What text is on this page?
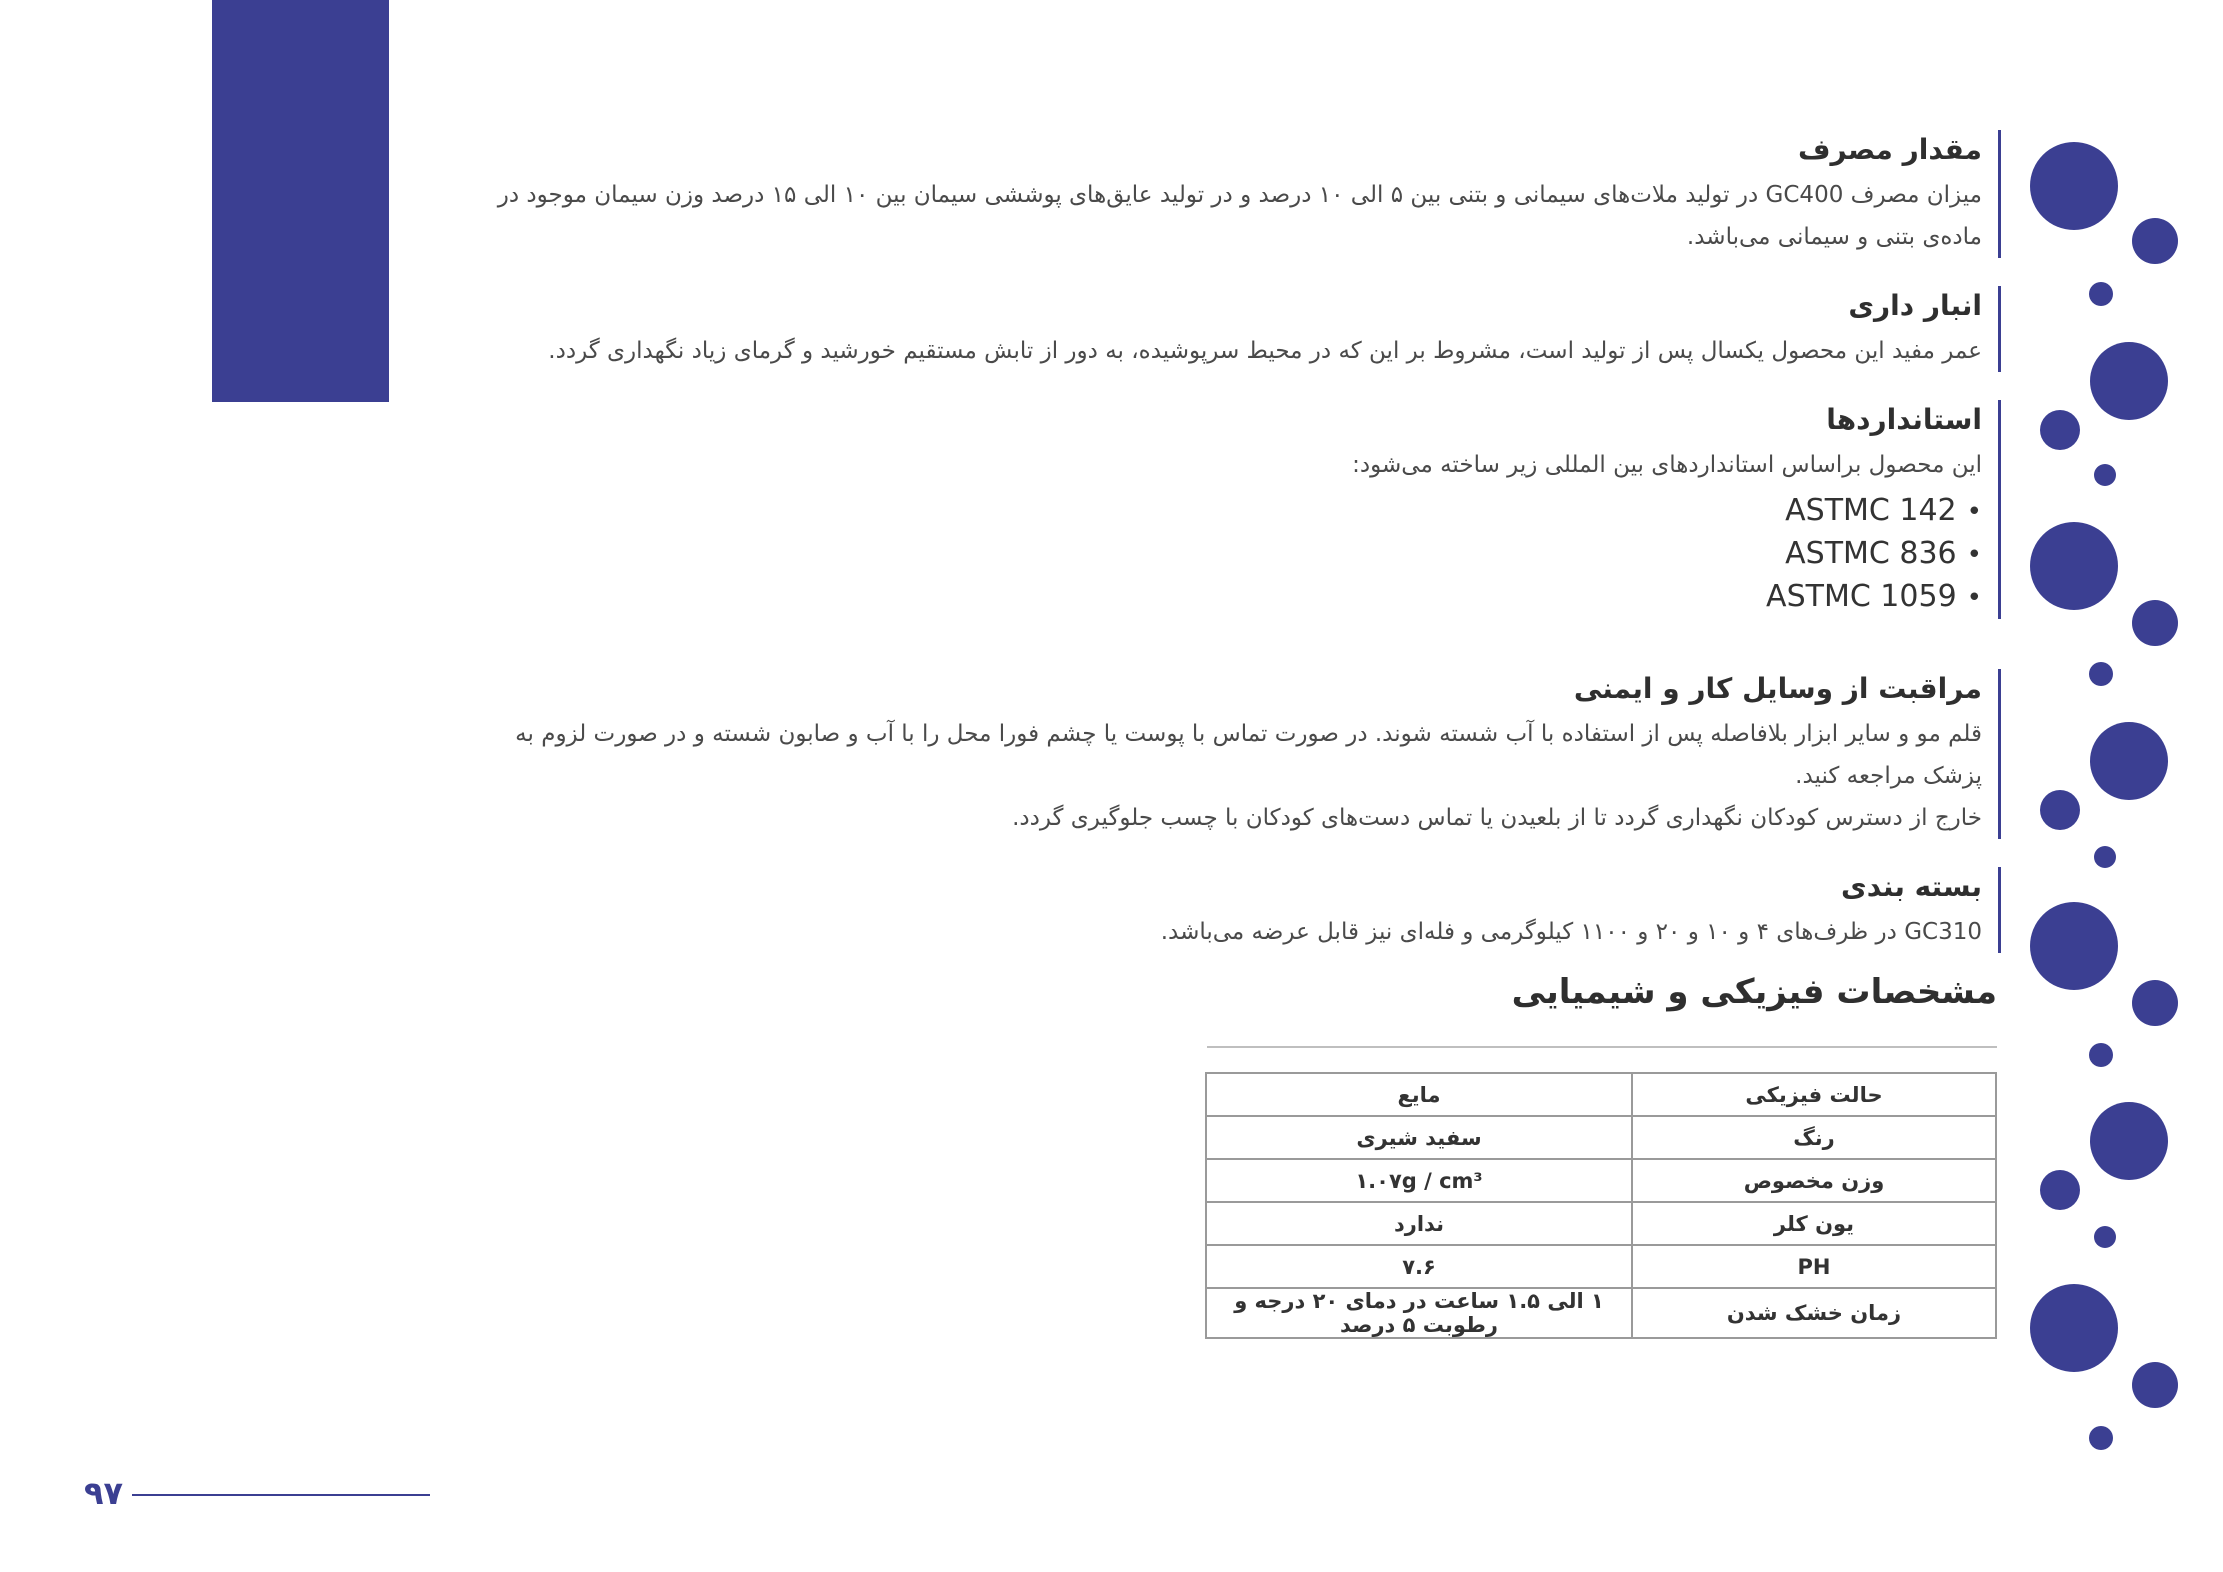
مقدار مصرف

میزان مصرف GC400 در تولید ملات‌های سیمانی و بتنی بین ۵ الی ۱۰ درصد و در تولید عایق‌های پوششی سیمان بین ۱۰ الی ۱۵ درصد وزن سیمان موجود در ماده‌ی بتنی و سیمانی می‌باشد.

انبار داری

عمر مفید این محصول یکسال پس از تولید است، مشروط بر این که در محیط سرپوشیده، به دور از تابش مستقیم خورشید و گرمای زیاد نگهداری گردد.

استانداردها

این محصول براساس استانداردهای بین المللی زیر ساخته می‌شود:

ASTMC 142 •
ASTMC 836 •
ASTMC 1059 •
مراقبت از وسایل کار و ایمنی

قلم مو و سایر ابزار بلافاصله پس از استفاده با آب شسته شوند. در صورت تماس با پوست یا چشم فورا محل را با آب و صابون شسته و در صورت لزوم به پزشک مراجعه کنید.

خارج از دسترس کودکان نگهداری گردد تا از بلعیدن یا تماس دست‌های کودکان با چسب جلوگیری گردد.

بسته بندی

GC310 در ظرف‌های ۴ و ۱۰ و ۲۰ و ۱۱۰۰ کیلوگرمی و فله‌ای نیز قابل عرضه می‌باشد.

مشخصات فیزیکی و شیمیایی
حالت فیزیکی	مایع
رنگ	سفید شیری
وزن مخصوص	۱.۰۷g / cm³
یون کلر	ندارد
PH	۷.۶
زمان خشک شدن	۱ الی ۱.۵ ساعت در دمای ۲۰ درجه و رطوبت ۵ درصد
۹۷
